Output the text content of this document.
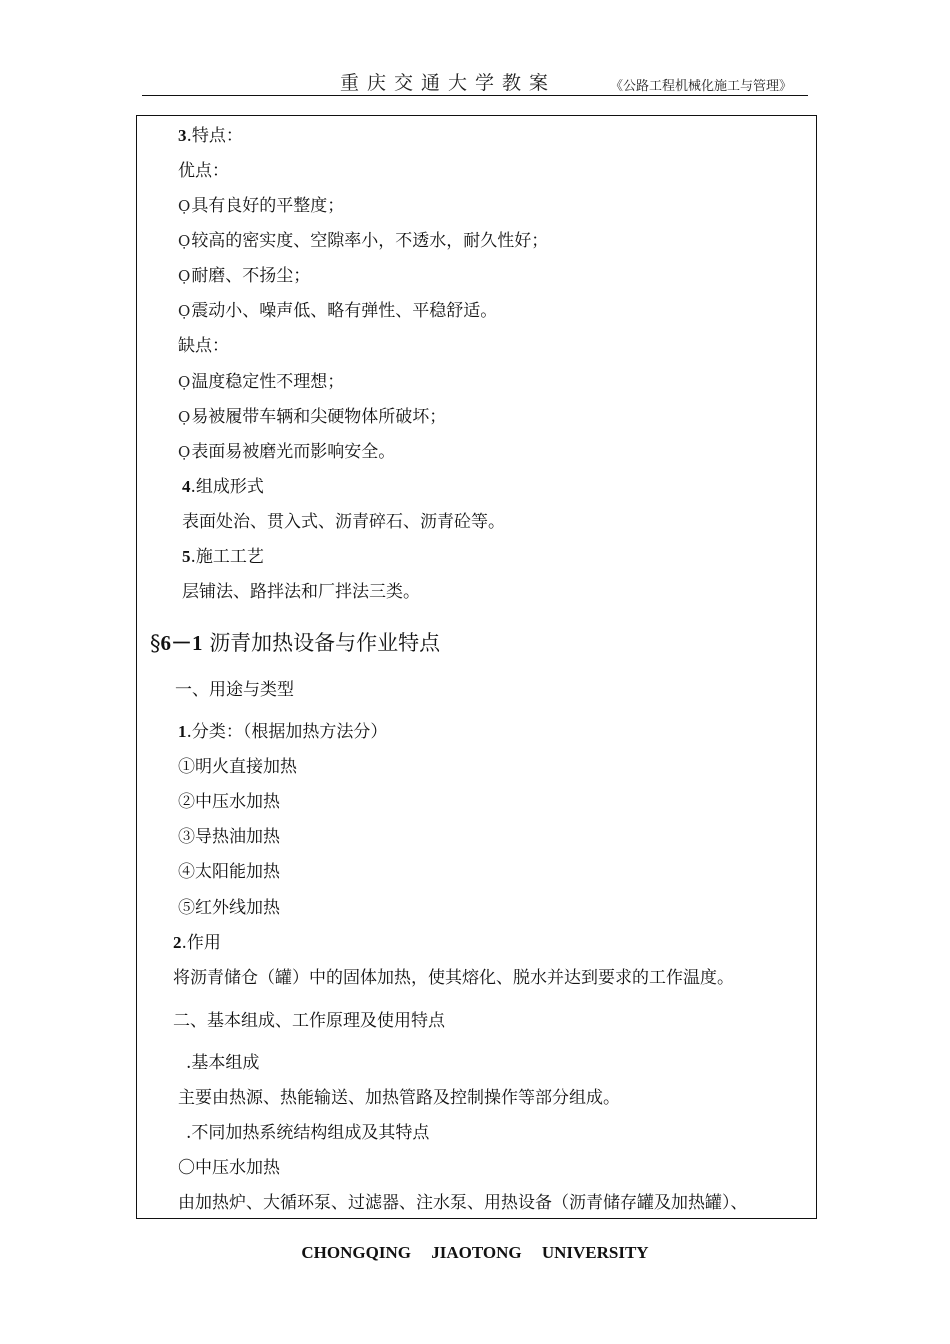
重庆交通大学教案	《公路工程机械化施工与管理》
3.特点：
优点：
Ọ具有良好的平整度；
Ọ较高的密实度、空隙率小，不透水，耐久性好；
Ọ耐磨、不扬尘；
Ọ震动小、噪声低、略有弹性、平稳舒适。
缺点：
Ọ温度稳定性不理想；
Ọ易被履带车辆和尖硬物体所破坏；
Ọ表面易被磨光而影响安全。
4.组成形式
表面处治、贯入式、沥青碎石、沥青砼等。
5.施工工艺
层铺法、路拌法和厂拌法三类。
§6－1 沥青加热设备与作业特点
一、用途与类型
1.分类：（根据加热方法分）
①明火直接加热
②中压水加热
③导热油加热
④太阳能加热
⑤红外线加热
2.作用
将沥青储仓（罐）中的固体加热，使其熔化、脱水并达到要求的工作温度。
二、基本组成、工作原理及使用特点
.基本组成
主要由热源、热能输送、加热管路及控制操作等部分组成。
.不同加热系统结构组成及其特点
〇中压水加热
由加热炉、大循环泵、过滤器、注水泵、用热设备（沥青储存罐及加热罐）、
CHONGQING JIAOTONG UNIVERSITY
